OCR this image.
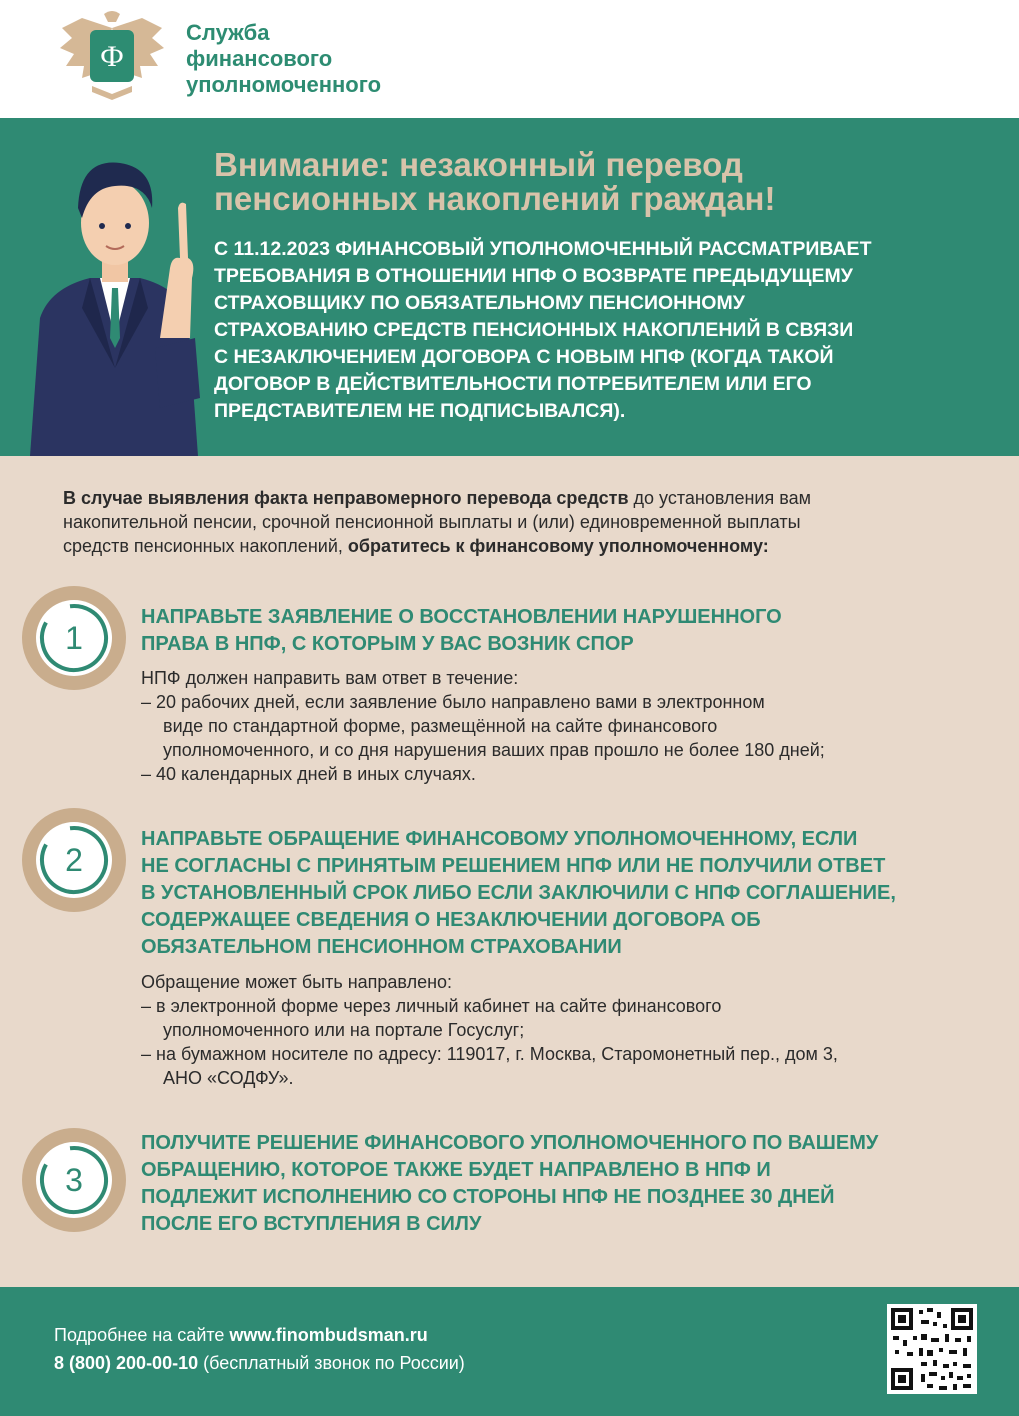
Ф
Служба
финансового
уполномоченного
Внимание: незаконный перевод
пенсионных накоплений граждан!
С 11.12.2023 ФИНАНСОВЫЙ УПОЛНОМОЧЕННЫЙ РАССМАТРИВАЕТ
ТРЕБОВАНИЯ В ОТНОШЕНИИ НПФ О ВОЗВРАТЕ ПРЕДЫДУЩЕМУ
СТРАХОВЩИКУ ПО ОБЯЗАТЕЛЬНОМУ ПЕНСИОННОМУ
СТРАХОВАНИЮ СРЕДСТВ ПЕНСИОННЫХ НАКОПЛЕНИЙ В СВЯЗИ
С НЕЗАКЛЮЧЕНИЕМ ДОГОВОРА С НОВЫМ НПФ (КОГДА ТАКОЙ
ДОГОВОР В ДЕЙСТВИТЕЛЬНОСТИ ПОТРЕБИТЕЛЕМ ИЛИ ЕГО
ПРЕДСТАВИТЕЛЕМ НЕ ПОДПИСЫВАЛСЯ).
В случае выявления факта неправомерного перевода средств до установления вам
накопительной пенсии, срочной пенсионной выплаты и (или) единовременной выплаты
средств пенсионных накоплений, обратитесь к финансовому уполномоченному:
1
НАПРАВЬТЕ ЗАЯВЛЕНИЕ О ВОССТАНОВЛЕНИИ НАРУШЕННОГО
ПРАВА В НПФ, С КОТОРЫМ У ВАС ВОЗНИК СПОР
НПФ должен направить вам ответ в течение:
– 20 рабочих дней, если заявление было направлено вами в электронном
виде по стандартной форме, размещённой на сайте финансового
уполномоченного, и со дня нарушения ваших прав прошло не более 180 дней;
– 40 календарных дней в иных случаях.
2
НАПРАВЬТЕ ОБРАЩЕНИЕ ФИНАНСОВОМУ УПОЛНОМОЧЕННОМУ, ЕСЛИ
НЕ СОГЛАСНЫ С ПРИНЯТЫМ РЕШЕНИЕМ НПФ ИЛИ НЕ ПОЛУЧИЛИ ОТВЕТ
В УСТАНОВЛЕННЫЙ СРОК ЛИБО ЕСЛИ ЗАКЛЮЧИЛИ С НПФ СОГЛАШЕНИЕ,
СОДЕРЖАЩЕЕ СВЕДЕНИЯ О НЕЗАКЛЮЧЕНИИ ДОГОВОРА ОБ
ОБЯЗАТЕЛЬНОМ ПЕНСИОННОМ СТРАХОВАНИИ
Обращение может быть направлено:
– в электронной форме через личный кабинет на сайте финансового
уполномоченного или на портале Госуслуг;
– на бумажном носителе по адресу: 119017, г. Москва, Старомонетный пер., дом 3,
АНО «СОДФУ».
3
ПОЛУЧИТЕ РЕШЕНИЕ ФИНАНСОВОГО УПОЛНОМОЧЕННОГО ПО ВАШЕМУ
ОБРАЩЕНИЮ, КОТОРОЕ ТАКЖЕ БУДЕТ НАПРАВЛЕНО В НПФ И
ПОДЛЕЖИТ ИСПОЛНЕНИЮ СО СТОРОНЫ НПФ НЕ ПОЗДНЕЕ 30 ДНЕЙ
ПОСЛЕ ЕГО ВСТУПЛЕНИЯ В СИЛУ
Подробнее на сайте www.finombudsman.ru
8 (800) 200-00-10 (бесплатный звонок по России)
